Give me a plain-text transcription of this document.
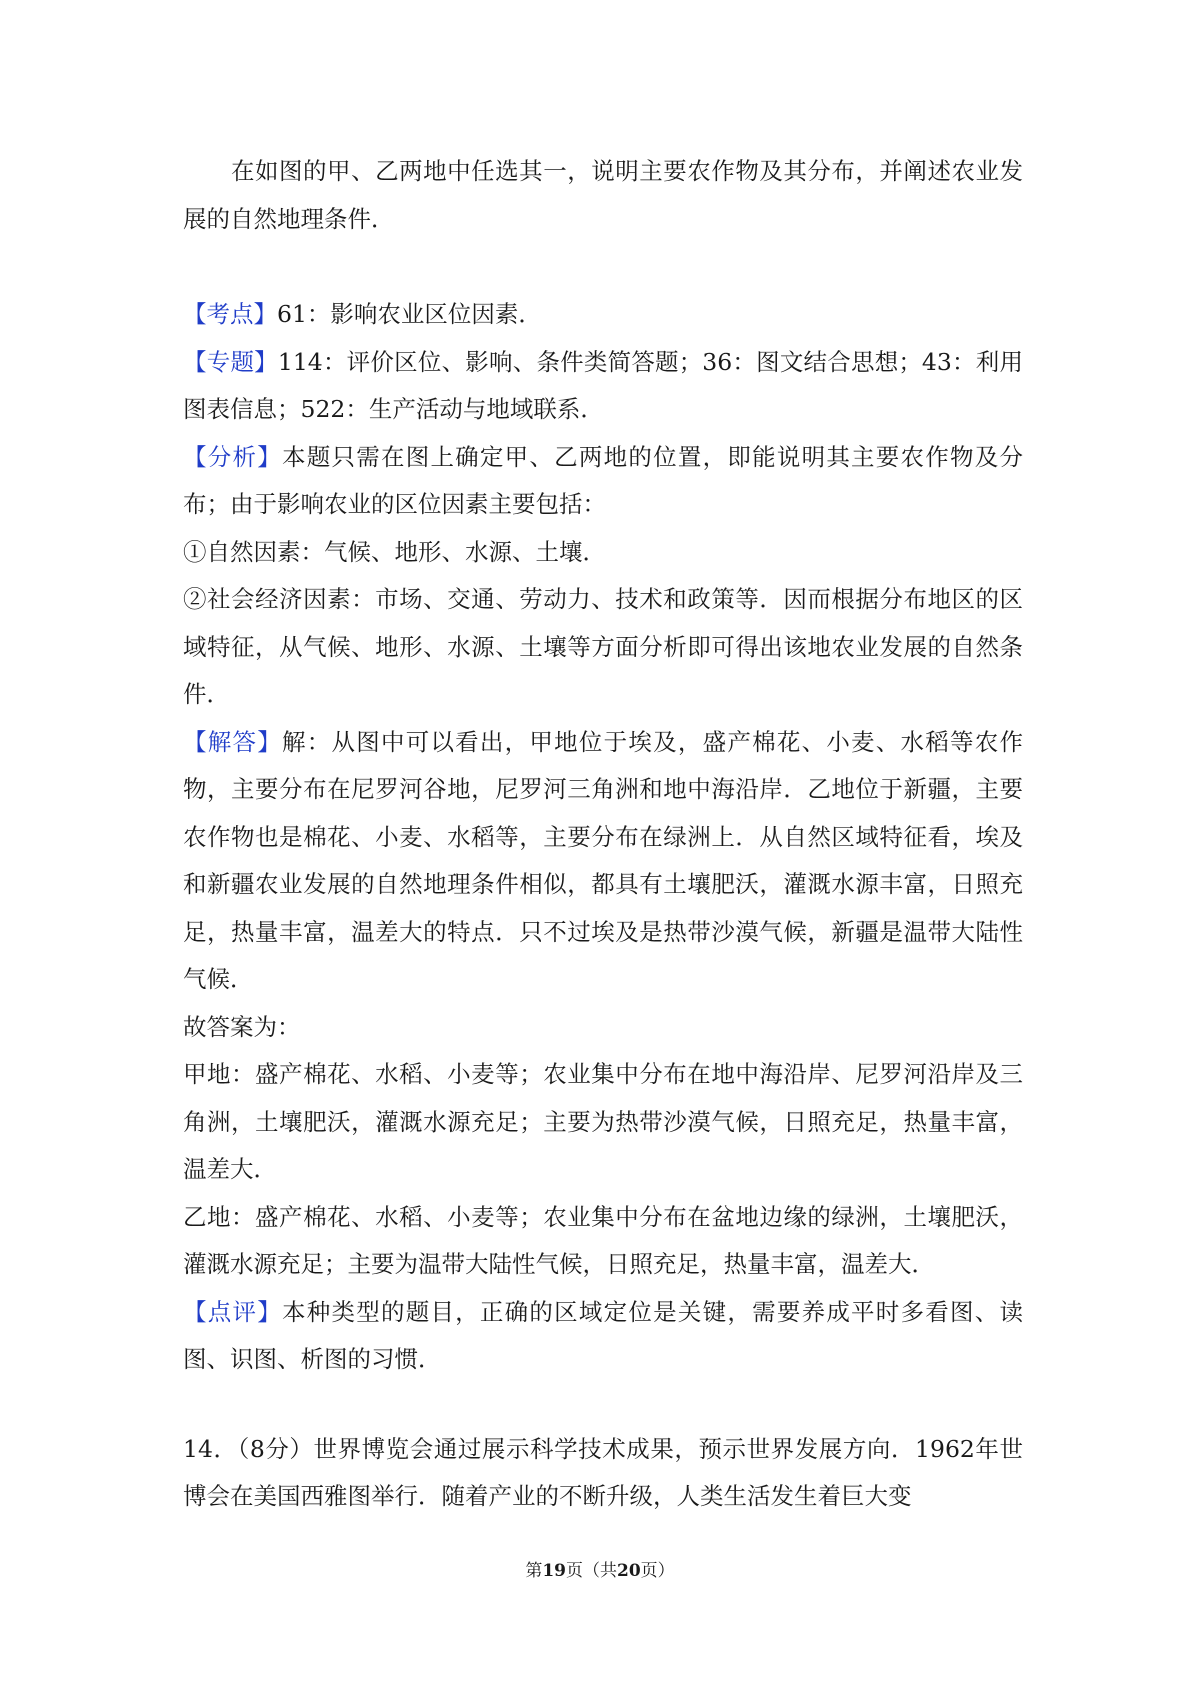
在如图的甲、乙两地中任选其一，说明主要农作物及其分布，并阐述农业发展的自然地理条件．

【考点】61：影响农业区位因素．

【专题】114：评价区位、影响、条件类简答题；36：图文结合思想；43：利用图表信息；522：生产活动与地域联系．

【分析】本题只需在图上确定甲、乙两地的位置，即能说明其主要农作物及分布；由于影响农业的区位因素主要包括：

①自然因素：气候、地形、水源、土壤．

②社会经济因素：市场、交通、劳动力、技术和政策等．因而根据分布地区的区域特征，从气候、地形、水源、土壤等方面分析即可得出该地农业发展的自然条件．

【解答】解：从图中可以看出，甲地位于埃及，盛产棉花、小麦、水稻等农作物，主要分布在尼罗河谷地，尼罗河三角洲和地中海沿岸．乙地位于新疆，主要农作物也是棉花、小麦、水稻等，主要分布在绿洲上．从自然区域特征看，埃及和新疆农业发展的自然地理条件相似，都具有土壤肥沃，灌溉水源丰富，日照充足，热量丰富，温差大的特点．只不过埃及是热带沙漠气候，新疆是温带大陆性气候．

故答案为：

甲地：盛产棉花、水稻、小麦等；农业集中分布在地中海沿岸、尼罗河沿岸及三角洲，土壤肥沃，灌溉水源充足；主要为热带沙漠气候，日照充足，热量丰富，温差大．

乙地：盛产棉花、水稻、小麦等；农业集中分布在盆地边缘的绿洲，土壤肥沃，灌溉水源充足；主要为温带大陆性气候，日照充足，热量丰富，温差大．

【点评】本种类型的题目，正确的区域定位是关键，需要养成平时多看图、读图、识图、析图的习惯．

14．（8分）世界博览会通过展示科学技术成果，预示世界发展方向．1962年世博会在美国西雅图举行．随着产业的不断升级，人类生活发生着巨大变

第19页（共20页）
